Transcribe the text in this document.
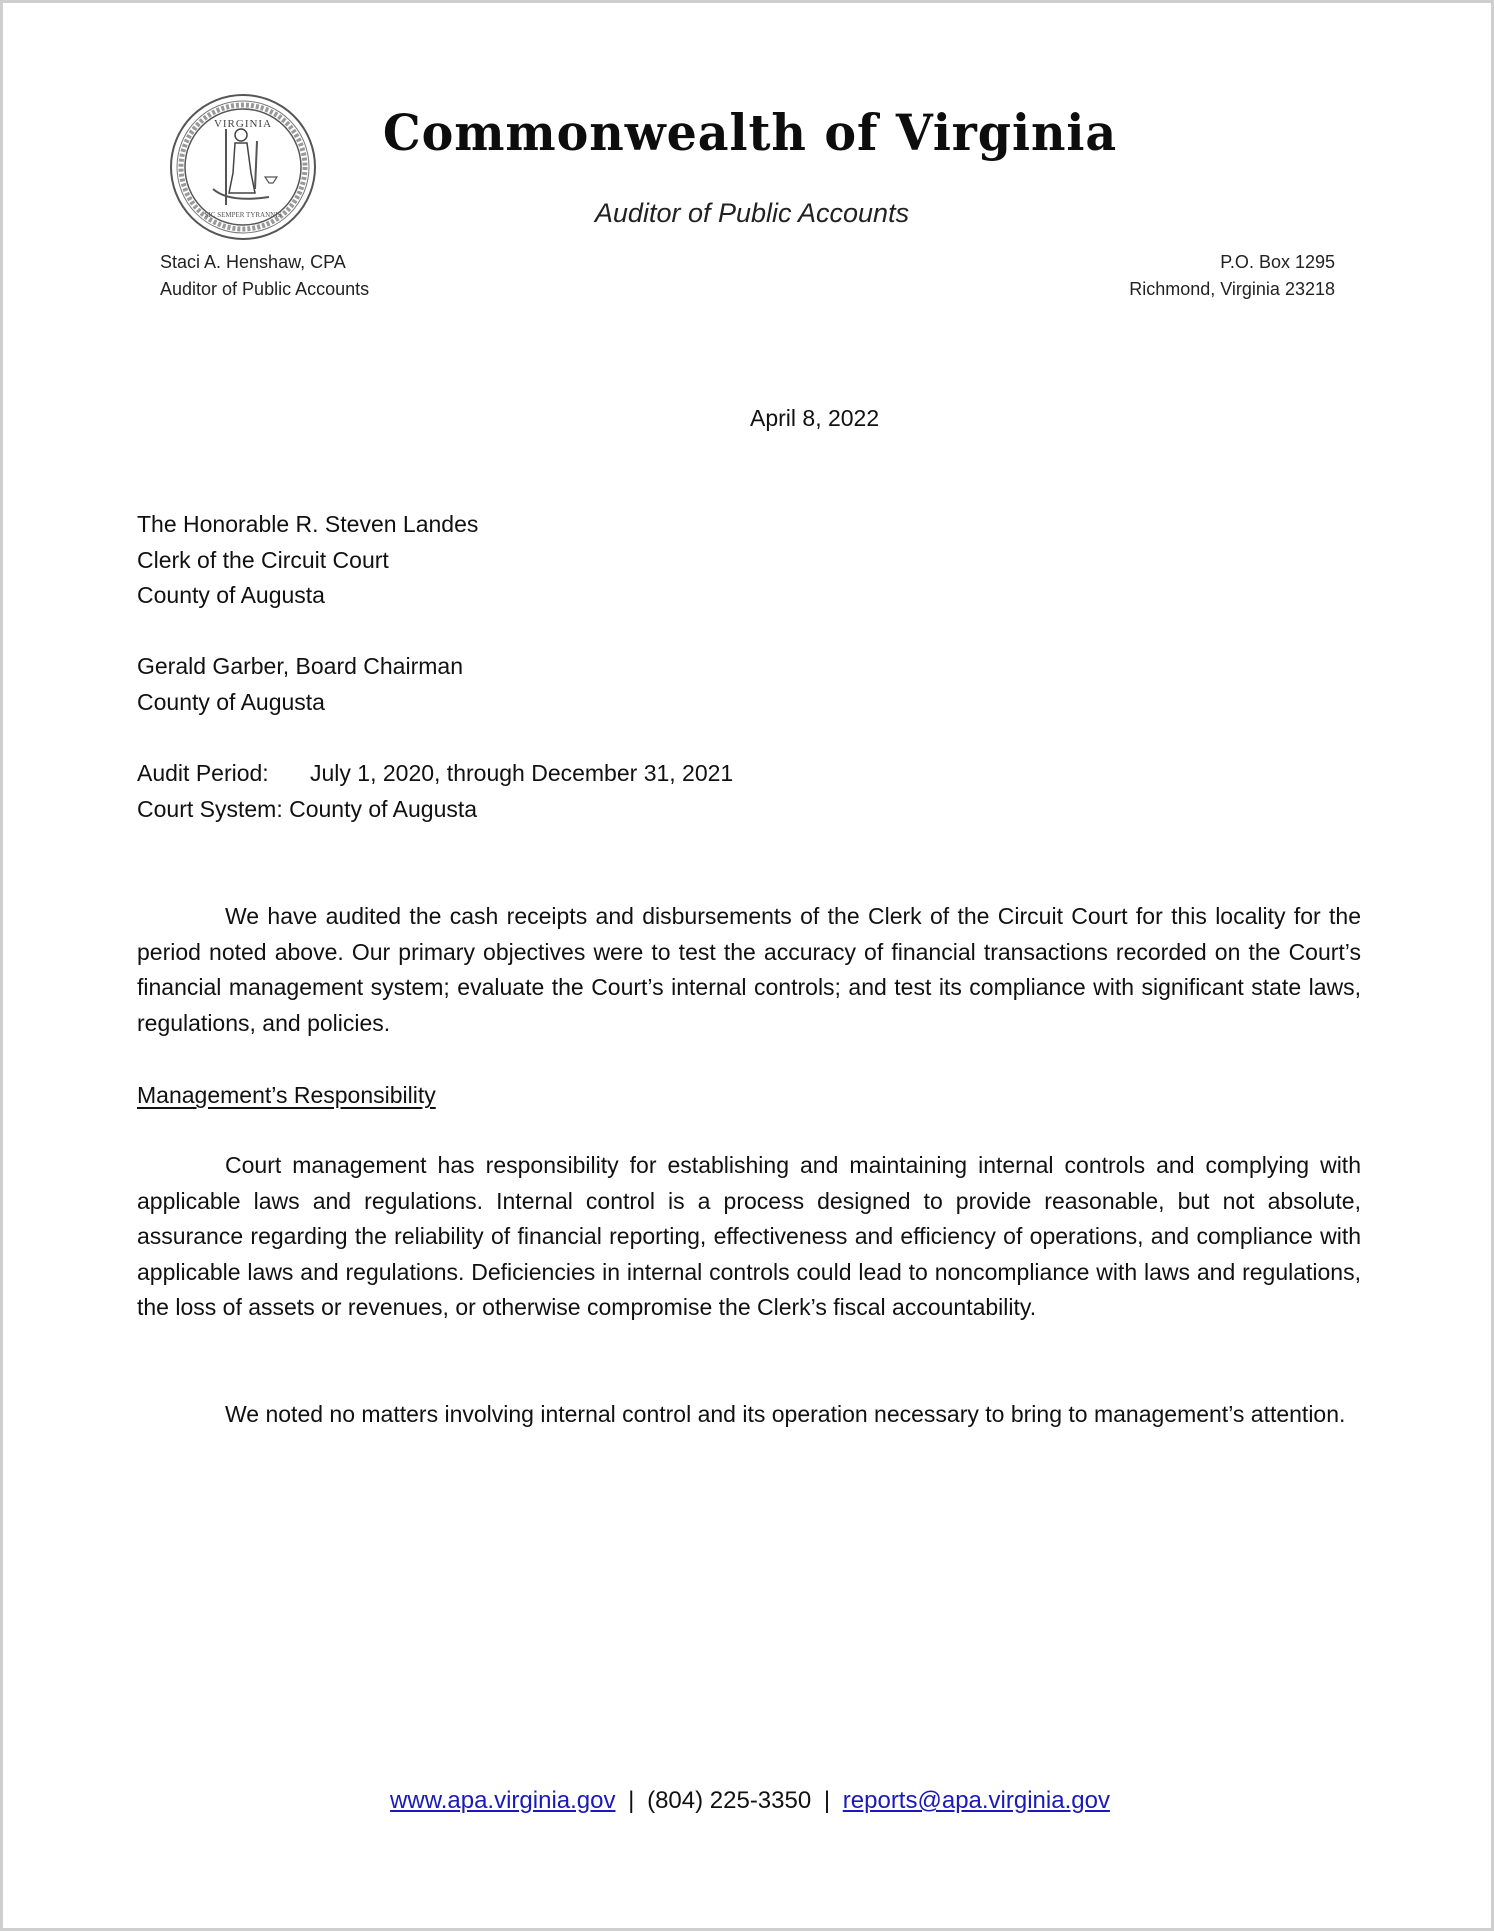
VIRGINIA
SIC SEMPER TYRANNIS
Commonwealth of Virginia
Auditor of Public Accounts
Staci A. Henshaw, CPA
Auditor of Public Accounts
P.O. Box 1295
Richmond, Virginia 23218
April 8, 2022
The Honorable R. Steven Landes
Clerk of the Circuit Court
County of Augusta
Gerald Garber, Board Chairman
County of Augusta
Audit Period: July 1, 2020, through December 31, 2021
Court System: County of Augusta

We have audited the cash receipts and disbursements of the Clerk of the Circuit Court for this locality for the period noted above. Our primary objectives were to test the accuracy of financial transactions recorded on the Court’s financial management system; evaluate the Court’s internal controls; and test its compliance with significant state laws, regulations, and policies.

Management’s Responsibility

Court management has responsibility for establishing and maintaining internal controls and complying with applicable laws and regulations. Internal control is a process designed to provide reasonable, but not absolute, assurance regarding the reliability of financial reporting, effectiveness and efficiency of operations, and compliance with applicable laws and regulations. Deficiencies in internal controls could lead to noncompliance with laws and regulations, the loss of assets or revenues, or otherwise compromise the Clerk’s fiscal accountability.

We noted no matters involving internal control and its operation necessary to bring to management’s attention.

www.apa.virginia.gov | (804) 225-3350 | reports@apa.virginia.gov
